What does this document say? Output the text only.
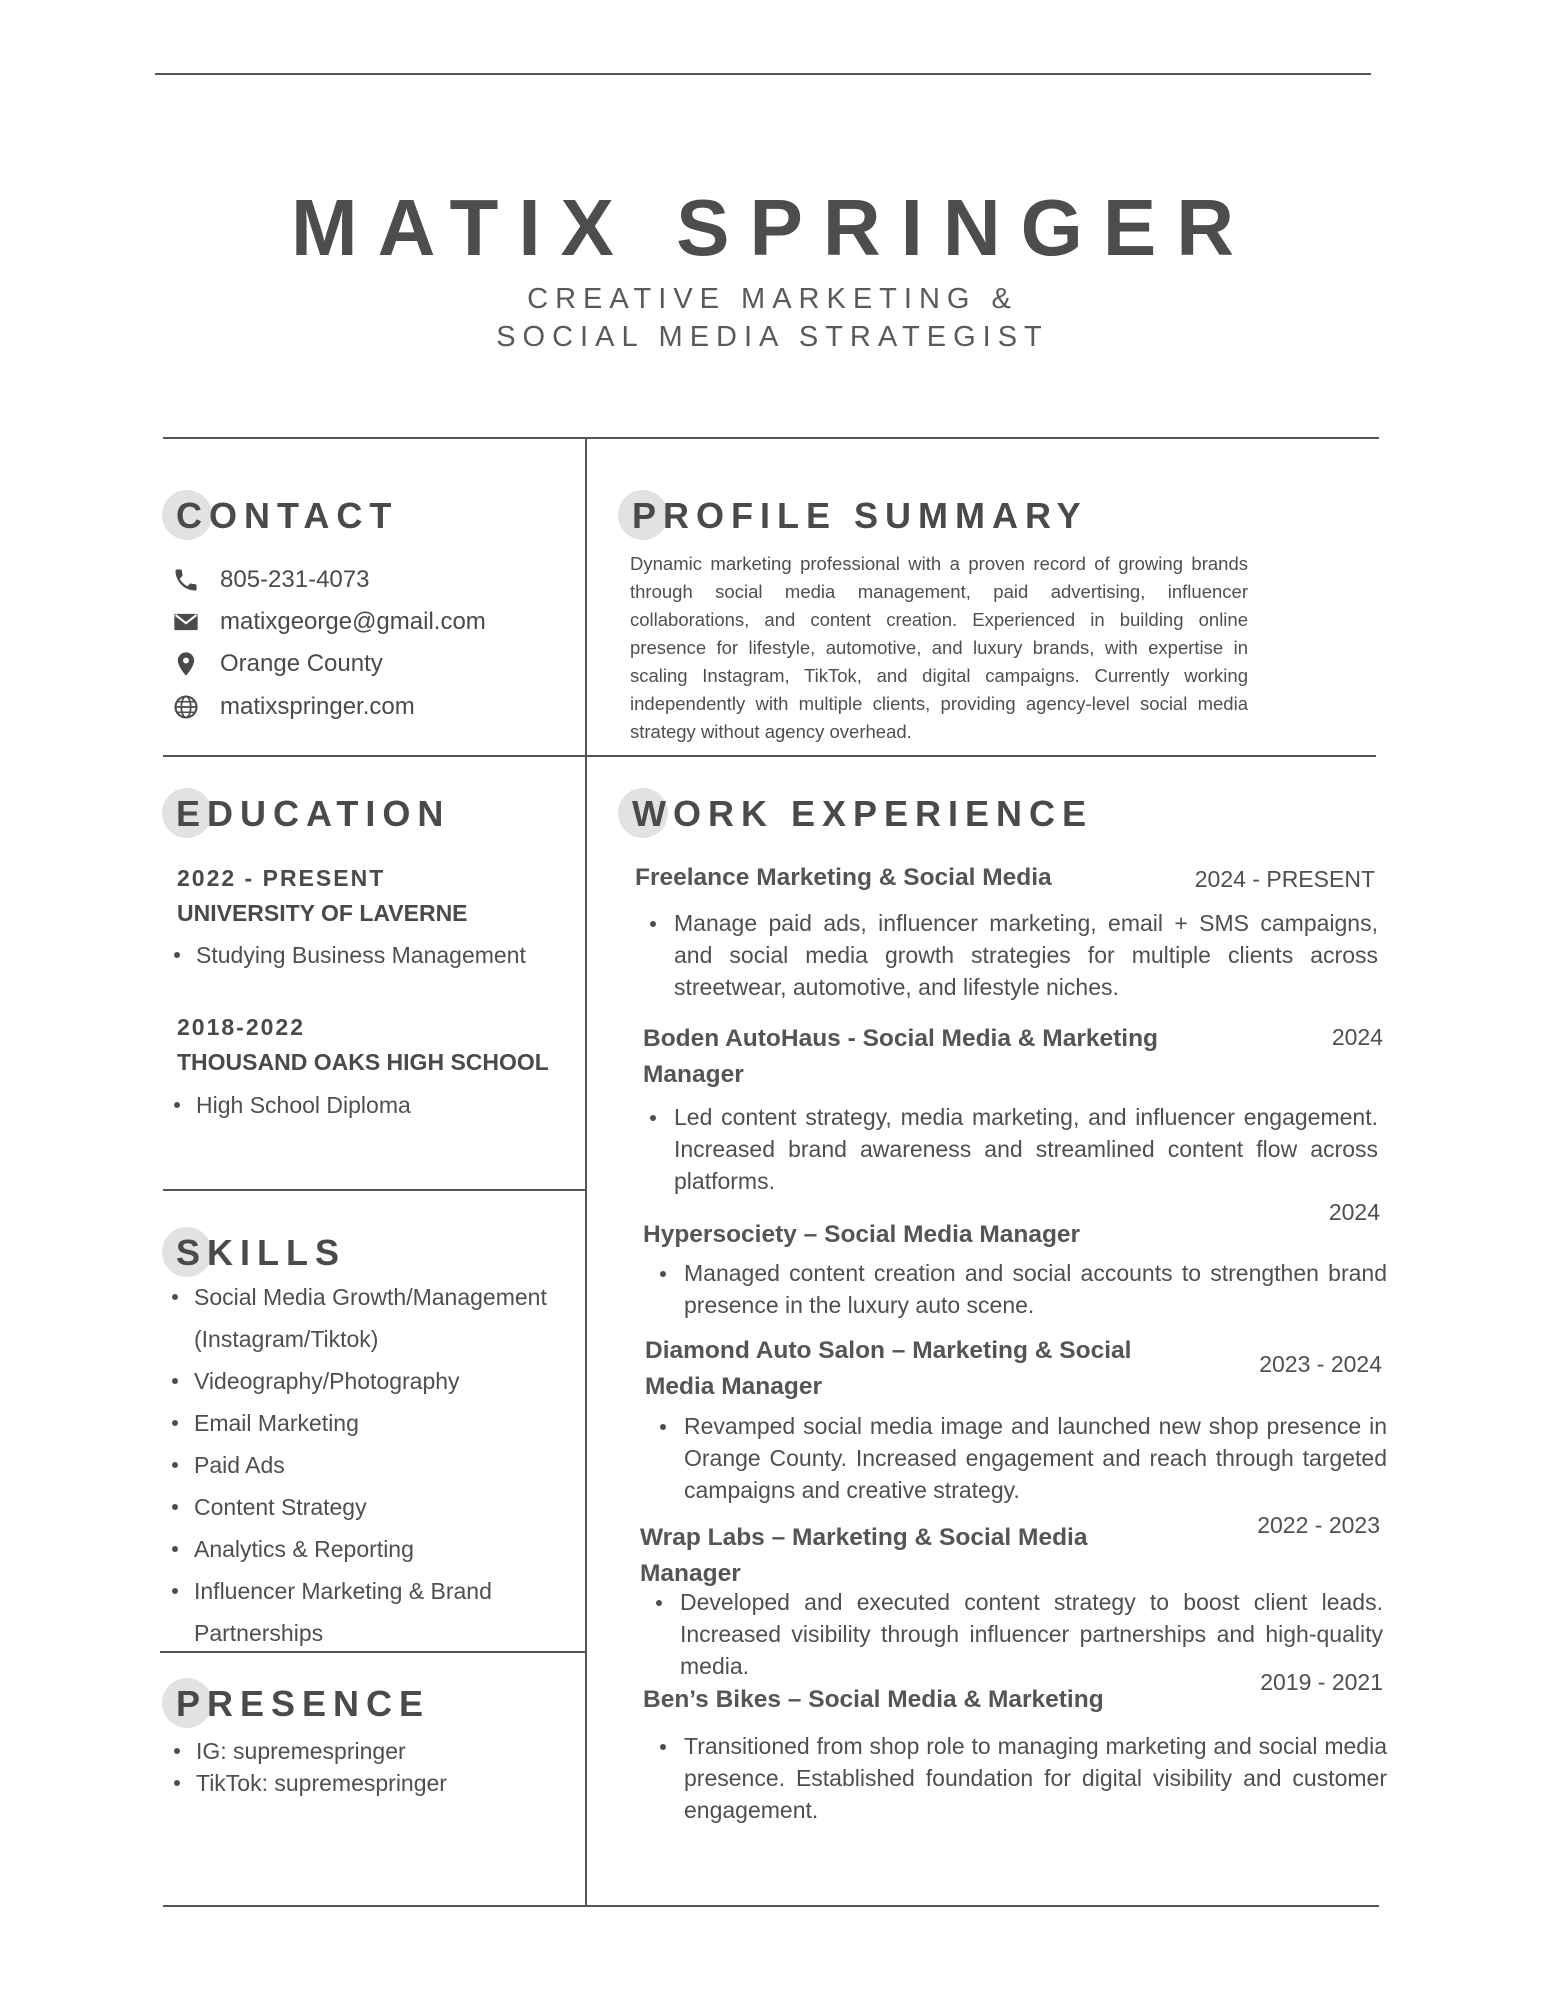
MATIX SPRINGER
CREATIVE MARKETING &
SOCIAL MEDIA STRATEGIST
CONTACT
805-231-4073
matixgeorge@gmail.com
Orange County
matixspringer.com
PROFILE SUMMARY
Dynamic marketing professional with a proven record of growing brands through social media management, paid advertising, influencer collaborations, and content creation. Experienced in building online presence for lifestyle, automotive, and luxury brands, with expertise in scaling Instagram, TikTok, and digital campaigns. Currently working independently with multiple clients, providing agency-level social media strategy without agency overhead.
EDUCATION
2022 - PRESENT
UNIVERSITY OF LAVERNE
Studying Business Management
2018-2022
THOUSAND OAKS HIGH SCHOOL
High School Diploma
SKILLS
Social Media Growth/Management (Instagram/Tiktok)
Videography/Photography
Email Marketing
Paid Ads
Content Strategy
Analytics & Reporting
Influencer Marketing & Brand Partnerships
PRESENCE
IG: supremespringer
TikTok: supremespringer
WORK EXPERIENCE
Freelance Marketing & Social Media	2024 - PRESENT
Manage paid ads, influencer marketing, email + SMS campaigns, and social media growth strategies for multiple clients across streetwear, automotive, and lifestyle niches.
Boden AutoHaus - Social Media & Marketing Manager
2024
Led content strategy, media marketing, and influencer engagement. Increased brand awareness and streamlined content flow across platforms.
2024
Hypersociety – Social Media Manager
Managed content creation and social accounts to strengthen brand presence in the luxury auto scene.
Diamond Auto Salon – Marketing & Social Media Manager
2023 - 2024
Revamped social media image and launched new shop presence in Orange County. Increased engagement and reach through targeted campaigns and creative strategy.
2022 - 2023
Wrap Labs – Marketing & Social Media Manager
Developed and executed content strategy to boost client leads. Increased visibility through influencer partnerships and high-quality media.
2019 - 2021
Ben’s Bikes – Social Media & Marketing
Transitioned from shop role to managing marketing and social media presence. Established foundation for digital visibility and customer engagement.
